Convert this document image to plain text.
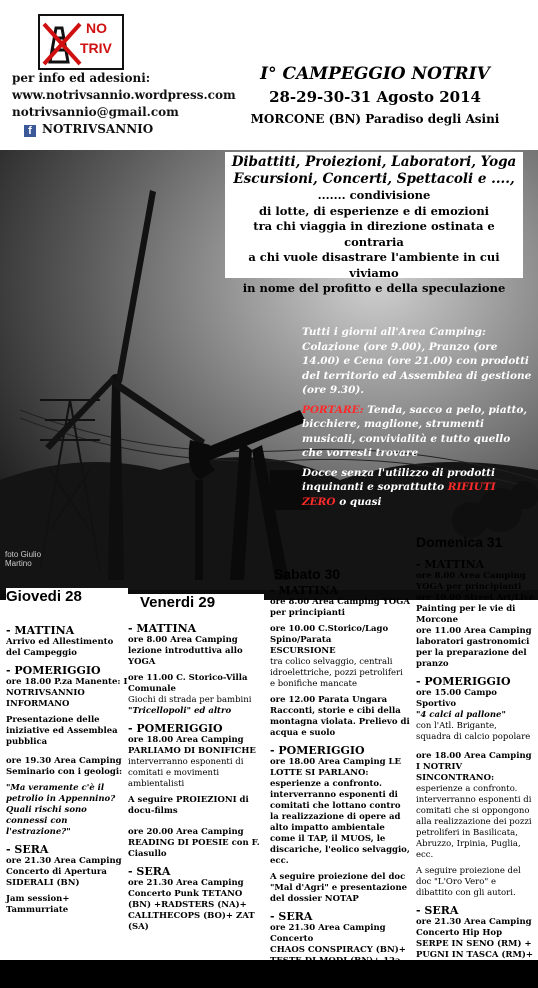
NO
TRIV
per info ed adesioni:
www.notrivsannio.wordpress.com
notrivsannio@gmail.com
f NOTRIVSANNIO
I° CAMPEGGIO NOTRIV
28-29-30-31 Agosto 2014
MORCONE (BN) Paradiso degli Asini
Dibattiti, Proiezioni, Laboratori, Yoga
Escursioni, Concerti, Spettacoli e ....,
....... condivisione
di lotte, di esperienze e di emozioni
tra chi viaggia in direzione ostinata e contraria
a chi vuole disastrare l'ambiente in cui viviamo
in nome del profitto e della speculazione

Tutti i giorni all'Area Camping: Colazione (ore 9.00), Pranzo (ore 14.00) e Cena (ore 21.00) con prodotti del territorio ed Assemblea di gestione (ore 9.30).

PORTARE: Tenda, sacco a pelo, piatto, bicchiere, maglione, strumenti musicali, convivialità e tutto quello che vorresti trovare

Docce senza l'utilizzo di prodotti inquinanti e soprattutto RIFIUTI ZERO o quasi

foto Giulio
Martino
Giovedi 28
- MATTINA

Arrivo ed Allestimento del Campeggio

- POMERIGGIO

ore 18.00 P.za Manente: I NOTRIVSANNIO INFORMANO

Presentazione delle iniziative ed Assemblea pubblica

ore 19.30 Area Camping Seminario con i geologi:

"Ma veramente c'è il petrolio in Appennino? Quali rischi sono connessi con l'estrazione?"

- SERA

ore 21.30 Area Camping Concerto di Apertura SIDERALI (BN)

Jam session+ Tammurriate

Venerdi 29
- MATTINA

ore 8.00 Area Camping lezione introduttiva allo YOGA

ore 11.00 C. Storico-Villa Comunale

Giochi di strada per bambini

"Tricellopoli" ed altro

- POMERIGGIO

ore 18.00 Area Camping PARLIAMO DI BONIFICHE

interverranno esponenti di comitati e movimenti ambientalisti

A seguire PROIEZIONI di docu-films

ore 20.00 Area Camping READING DI POESIE con F. Ciasullo

- SERA

ore 21.30 Area Camping Concerto Punk TETANO (BN) +RADSTERS (NA)+ CALLTHECOPS (BO)+ ZAT (SA)

Sabato 30
- MATTINA

ore 8.00 Area Camping YOGA per principianti

ore 10.00 C.Storico/Lago Spino/Parata

ESCURSIONE

tra colico selvaggio, centrali idroelettriche, pozzi petroliferi e bonifiche mancate

ore 12.00 Parata Ungara Racconti, storie e cibi della montagna violata. Prelievo di acqua e suolo

- POMERIGGIO

ore 18.00 Area Camping LE LOTTE SI PARLANO:

esperienze a confronto. interverranno esponenti di comitati che lottano contro la realizzazione di opere ad alto impatto ambientale come il TAP, il MUOS, le discariche, l'eolico selvaggio, ecc.

A seguire proiezione del doc "Mal d'Agri" e presentazione del dossier NOTAP

- SERA

ore 21.30 Area Camping Concerto

CHAOS CONSPIRACY (BN)+ TESTE DI MODI (BN)+ 12a NOTTE (BN)

Domenica 31
- MATTINA

ore 8.00 Area Camping YOGA per principianti

ore 10.00 Street Art/Live Painting per le vie di Morcone

ore 11.00 Area Camping laboratori gastronomici per la preparazione del pranzo

- POMERIGGIO

ore 15.00 Campo Sportivo

"4 calci al pallone"

con l'Atl. Brigante, squadra di calcio popolare

ore 18.00 Area Camping I NOTRIV SINCONTRANO:

esperienze a confronto. interverranno esponenti di comitati che si oppongono alla realizzazione dei pozzi petroliferi in Basilicata, Abruzzo, Irpinia, Puglia, ecc.

A seguire proiezione del doc "L'Oro Vero" e dibattito con gli autori.

- SERA

ore 21.30 Area Camping Concerto Hip Hop

SERPE IN SENO (RM) + PUGNI IN TASCA (RM)+ ISTIGAZIONE A DELINQUERE (BN)
